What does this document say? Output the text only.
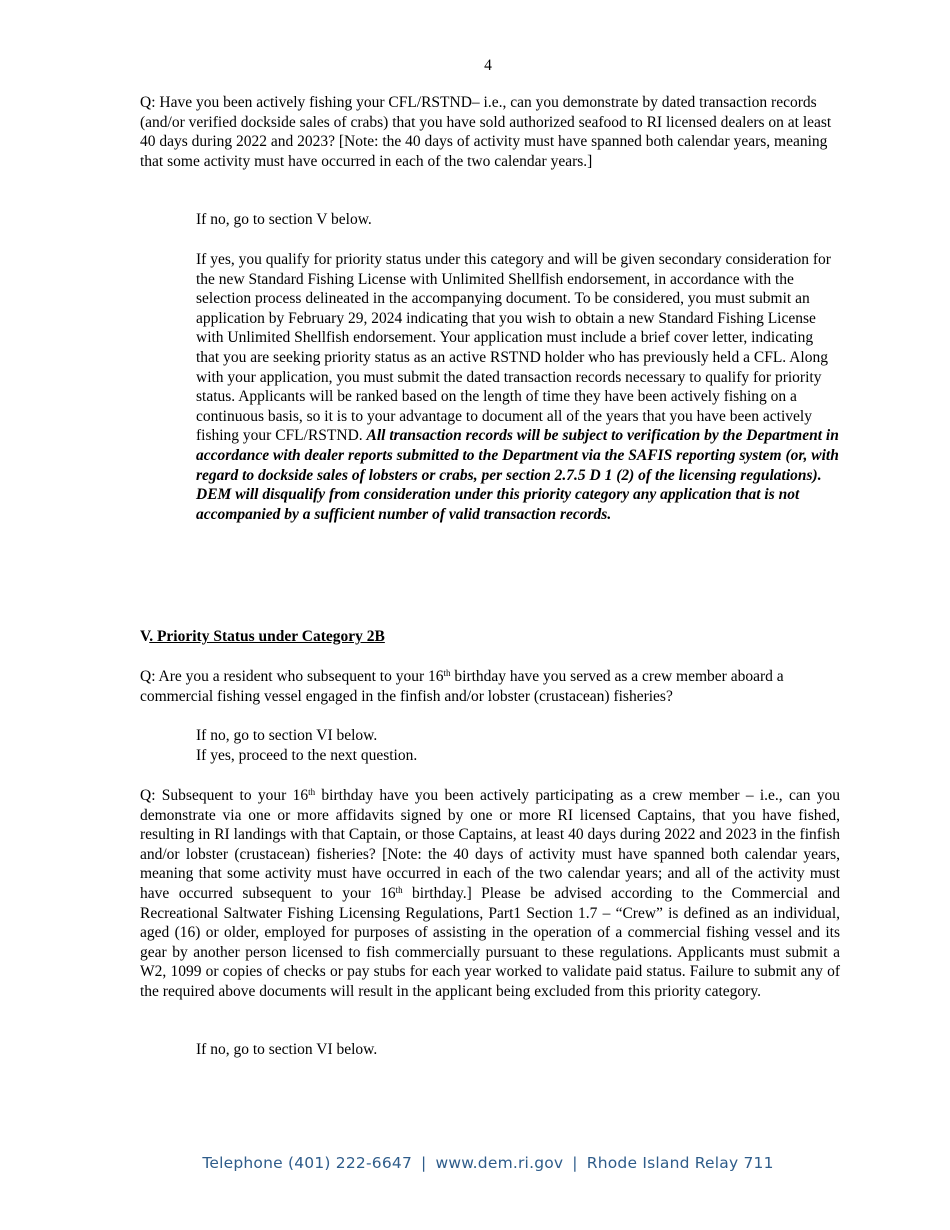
4

Q: Have you been actively fishing your CFL/RSTND– i.e., can you demonstrate by dated transaction records (and/or verified dockside sales of crabs) that you have sold authorized seafood to RI licensed dealers on at least 40 days during 2022 and 2023? [Note: the 40 days of activity must have spanned both calendar years, meaning that some activity must have occurred in each of the two calendar years.]

If no, go to section V below.

If yes, you qualify for priority status under this category and will be given secondary consideration for the new Standard Fishing License with Unlimited Shellfish endorsement, in accordance with the selection process delineated in the accompanying document. To be considered, you must submit an application by February 29, 2024 indicating that you wish to obtain a new Standard Fishing License with Unlimited Shellfish endorsement. Your application must include a brief cover letter, indicating that you are seeking priority status as an active RSTND holder who has previously held a CFL. Along with your application, you must submit the dated transaction records necessary to qualify for priority status. Applicants will be ranked based on the length of time they have been actively fishing on a continuous basis, so it is to your advantage to document all of the years that you have been actively fishing your CFL/RSTND. All transaction records will be subject to verification by the Department in accordance with dealer reports submitted to the Department via the SAFIS reporting system (or, with regard to dockside sales of lobsters or crabs, per section 2.7.5 D 1 (2) of the licensing regulations). DEM will disqualify from consideration under this priority category any application that is not accompanied by a sufficient number of valid transaction records.

V. Priority Status under Category 2B

Q: Are you a resident who subsequent to your 16th birthday have you served as a crew member aboard a commercial fishing vessel engaged in the finfish and/or lobster (crustacean) fisheries?

If no, go to section VI below.

If yes, proceed to the next question.

Q: Subsequent to your 16th birthday have you been actively participating as a crew member – i.e., can you demonstrate via one or more affidavits signed by one or more RI licensed Captains, that you have fished, resulting in RI landings with that Captain, or those Captains, at least 40 days during 2022 and 2023 in the finfish and/or lobster (crustacean) fisheries? [Note: the 40 days of activity must have spanned both calendar years, meaning that some activity must have occurred in each of the two calendar years; and all of the activity must have occurred subsequent to your 16th birthday.] Please be advised according to the Commercial and Recreational Saltwater Fishing Licensing Regulations, Part1 Section 1.7 – “Crew” is defined as an individual, aged (16) or older, employed for purposes of assisting in the operation of a commercial fishing vessel and its gear by another person licensed to fish commercially pursuant to these regulations. Applicants must submit a W2, 1099 or copies of checks or pay stubs for each year worked to validate paid status. Failure to submit any of the required above documents will result in the applicant being excluded from this priority category.

If no, go to section VI below.

Telephone (401) 222-6647 | www.dem.ri.gov | Rhode Island Relay 711
